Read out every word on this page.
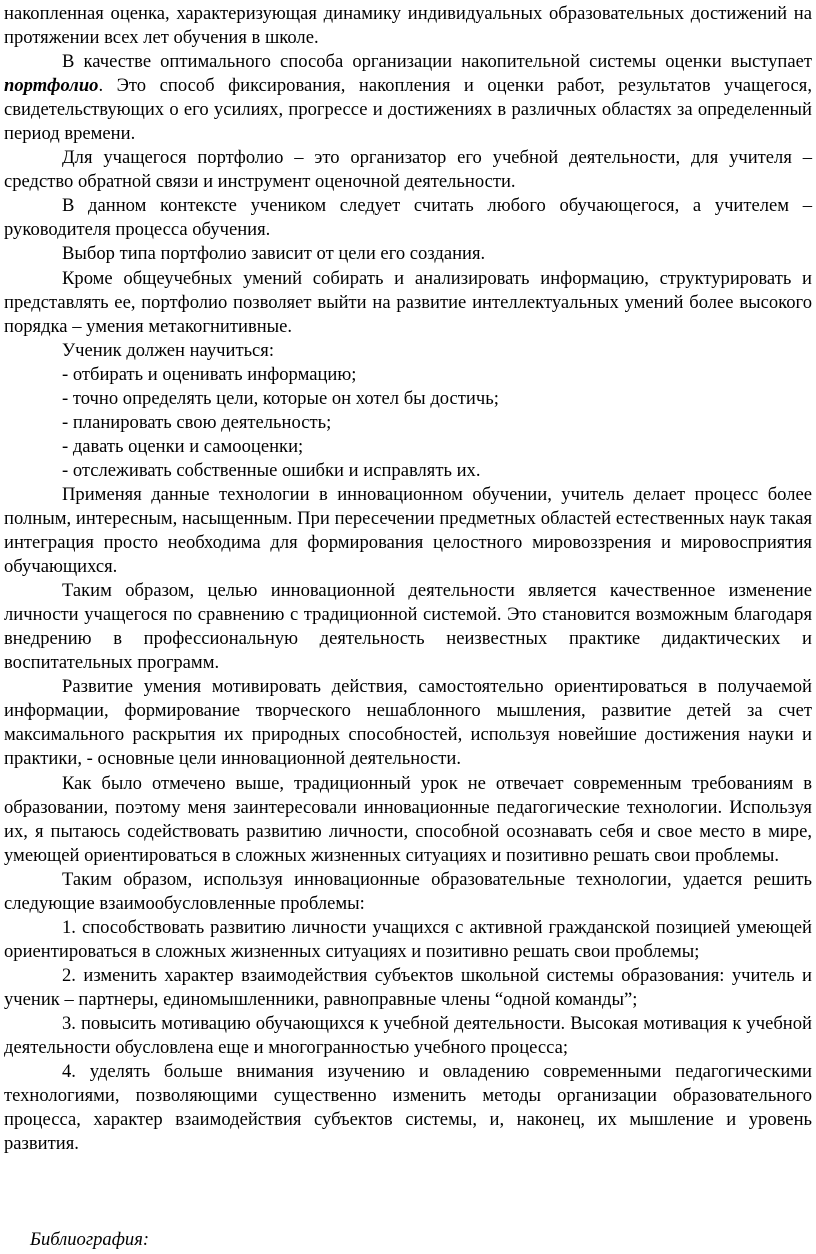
накопленная оценка, характеризующая динамику индивидуальных образовательных достижений на протяжении всех лет обучения в школе.

В качестве оптимального способа организации накопительной системы оценки выступает портфолио. Это способ фиксирования, накопления и оценки работ, результатов учащегося, свидетельствующих о его усилиях, прогрессе и достижениях в различных областях за определенный период времени.

Для учащегося портфолио – это организатор его учебной деятельности, для учителя – средство обратной связи и инструмент оценочной деятельности.

В данном контексте учеником следует считать любого обучающегося, а учителем – руководителя процесса обучения.

Выбор типа портфолио зависит от цели его создания.

Кроме общеучебных умений собирать и анализировать информацию, структурировать и представлять ее, портфолио позволяет выйти на развитие интеллектуальных умений более высокого порядка – умения метакогнитивные.

Ученик должен научиться:

- отбирать и оценивать информацию;

- точно определять цели, которые он хотел бы достичь;

- планировать свою деятельность;

- давать оценки и самооценки;

- отслеживать собственные ошибки и исправлять их.

Применяя данные технологии в инновационном обучении, учитель делает процесс более полным, интересным, насыщенным. При пересечении предметных областей естественных наук такая интеграция просто необходима для формирования целостного мировоззрения и мировосприятия обучающихся.

Таким образом, целью инновационной деятельности является качественное изменение личности учащегося по сравнению с традиционной системой. Это становится возможным благодаря внедрению в профессиональную деятельность неизвестных практике дидактических и воспитательных программ.

Развитие умения мотивировать действия, самостоятельно ориентироваться в получаемой информации, формирование творческого нешаблонного мышления, развитие детей за счет максимального раскрытия их природных способностей, используя новейшие достижения науки и практики, - основные цели инновационной деятельности.

Как было отмечено выше, традиционный урок не отвечает современным требованиям в образовании, поэтому меня заинтересовали инновационные педагогические технологии. Используя их, я пытаюсь содействовать развитию личности, способной осознавать себя и свое место в мире, умеющей ориентироваться в сложных жизненных ситуациях и позитивно решать свои проблемы.

Таким образом, используя инновационные образовательные технологии, удается решить следующие взаимообусловленные проблемы:

1. способствовать развитию личности учащихся с активной гражданской позицией умеющей ориентироваться в сложных жизненных ситуациях и позитивно решать свои проблемы;

2. изменить характер взаимодействия субъектов школьной системы образования: учитель и ученик – партнеры, единомышленники, равноправные члены “одной команды”;

3. повысить мотивацию обучающихся к учебной деятельности. Высокая мотивация к учебной деятельности обусловлена еще и многогранностью учебного процесса;

4. уделять больше внимания изучению и овладению современными педагогическими технологиями, позволяющими существенно изменить методы организации образовательного процесса, характер взаимодействия субъектов системы, и, наконец, их мышление и уровень развития.

Библиография:
